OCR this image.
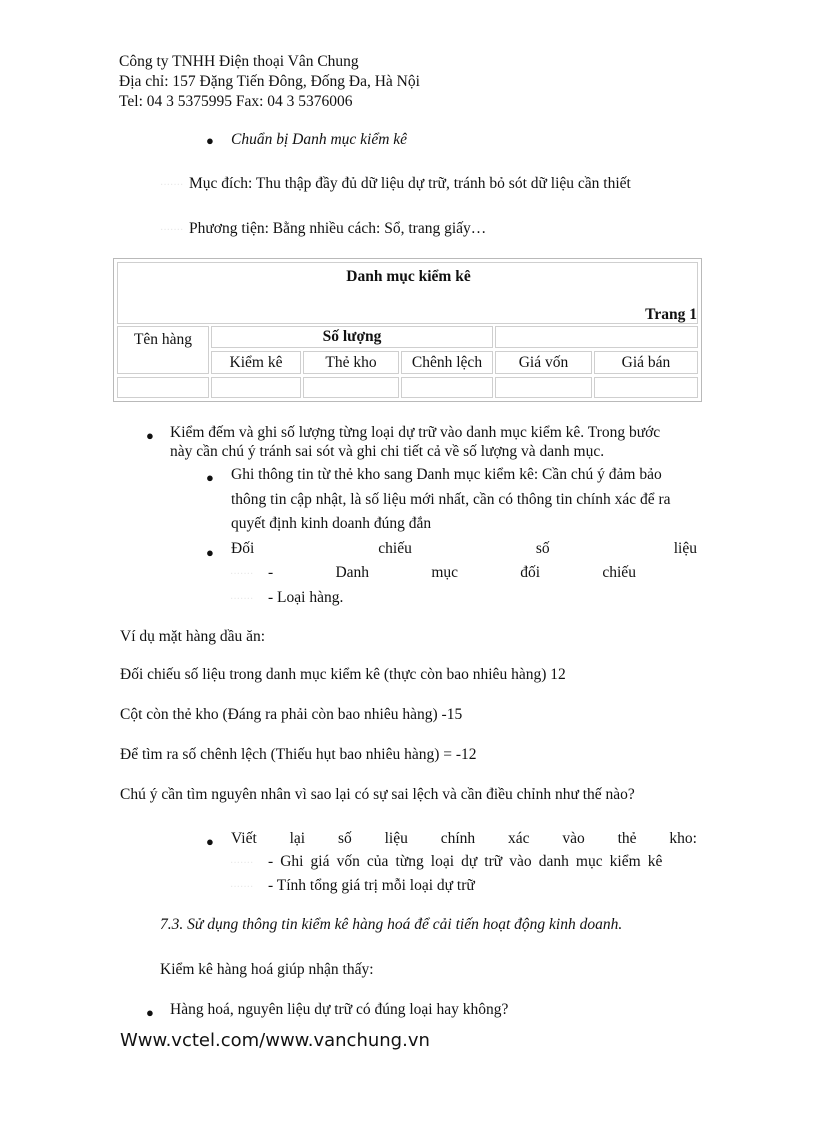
Công ty TNHH Điện thoại Vân Chung
Địa chỉ: 157 Đặng Tiến Đông, Đống Đa, Hà Nội
Tel: 04 3 5375995 Fax: 04 3 5376006
● Chuẩn bị Danh mục kiểm kê
······· Mục đích: Thu thập đầy đủ dữ liệu dự trữ, tránh bỏ sót dữ liệu cần thiết
······· Phương tiện: Bằng nhiều cách: Sổ, trang giấy…
Danh mục kiểm kê
Trang 1
Tên hàng	Số lượng
Kiểm kê	Thẻ kho	Chênh lệch	Giá vốn	Giá bán
● Kiểm đếm và ghi số lượng từng loại dự trữ vào danh mục kiểm kê. Trong bước
này cần chú ý tránh sai sót và ghi chi tiết cả về số lượng và danh mục.
● Ghi thông tin từ thẻ kho sang Danh mục kiểm kê: Cần chú ý đảm bảo
thông tin cập nhật, là số liệu mới nhất, cần có thông tin chính xác để ra
quyết định kinh doanh đúng đắn
● Đối	chiếu	số	liệu
······· -	Danh	mục	đối	chiếu
······· - Loại hàng.
Ví dụ mặt hàng dầu ăn:
Đối chiếu số liệu trong danh mục kiểm kê (thực còn bao nhiêu hàng) 12
Cột còn thẻ kho (Đáng ra phải còn bao nhiêu hàng) -15
Để tìm ra số chênh lệch (Thiếu hụt bao nhiêu hàng) = -12
Chú ý cần tìm nguyên nhân vì sao lại có sự sai lệch và cần điều chỉnh như thế nào?
● Viết lại số liệu chính xác vào thẻ kho:
······· - Ghi giá vốn của từng loại dự trữ vào danh mục kiểm kê
······· - Tính tổng giá trị mỗi loại dự trữ
7.3. Sử dụng thông tin kiểm kê hàng hoá để cải tiến hoạt động kinh doanh.
Kiểm kê hàng hoá giúp nhận thấy:
● Hàng hoá, nguyên liệu dự trữ có đúng loại hay không?
Www.vctel.com/www.vanchung.vn
